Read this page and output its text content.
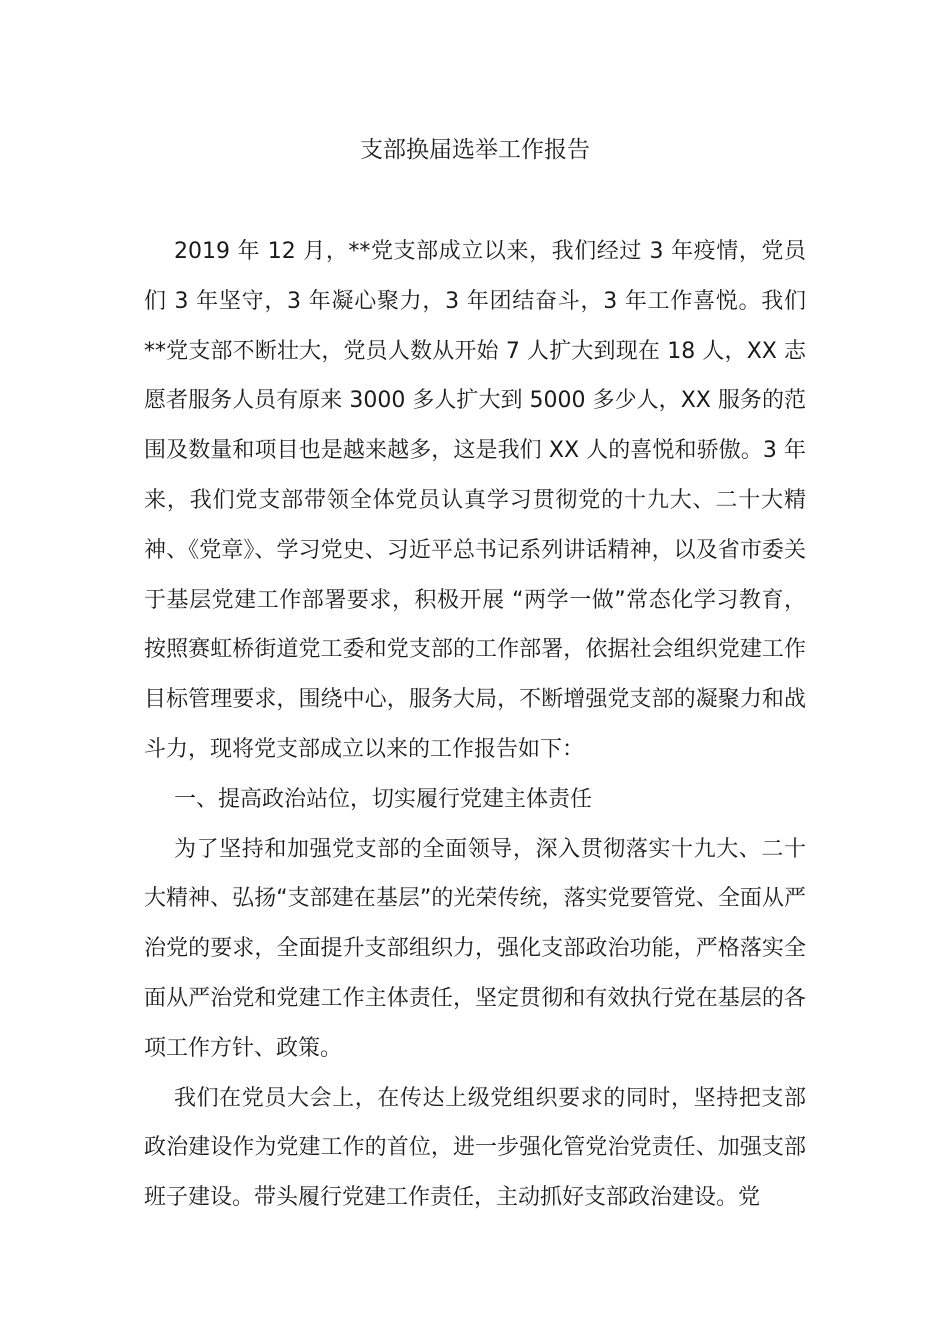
支部换届选举工作报告

2019 年 12 月，**党支部成立以来，我们经过 3 年疫情，党员们 3 年坚守，3 年凝心聚力，3 年团结奋斗，3 年工作喜悦。我们**党支部不断壮大，党员人数从开始 7 人扩大到现在 18 人，XX 志愿者服务人员有原来 3000 多人扩大到 5000 多少人，XX 服务的范围及数量和项目也是越来越多，这是我们 XX 人的喜悦和骄傲。3 年来，我们党支部带领全体党员认真学习贯彻党的十九大、二十大精神、《党章》、学习党史、习近平总书记系列讲话精神，以及省市委关于基层党建工作部署要求，积极开展 “两学一做”常态化学习教育，按照赛虹桥街道党工委和党支部的工作部署，依据社会组织党建工作目标管理要求，围绕中心，服务大局，不断增强党支部的凝聚力和战斗力，现将党支部成立以来的工作报告如下：

一、提高政治站位，切实履行党建主体责任

为了坚持和加强党支部的全面领导，深入贯彻落实十九大、二十大精神、弘扬“支部建在基层”的光荣传统，落实党要管党、全面从严治党的要求，全面提升支部组织力，强化支部政治功能，严格落实全面从严治党和党建工作主体责任，坚定贯彻和有效执行党在基层的各项工作方针、政策。

我们在党员大会上，在传达上级党组织要求的同时，坚持把支部政治建设作为党建工作的首位，进一步强化管党治党责任、加强支部班子建设。带头履行党建工作责任，主动抓好支部政治建设。党
